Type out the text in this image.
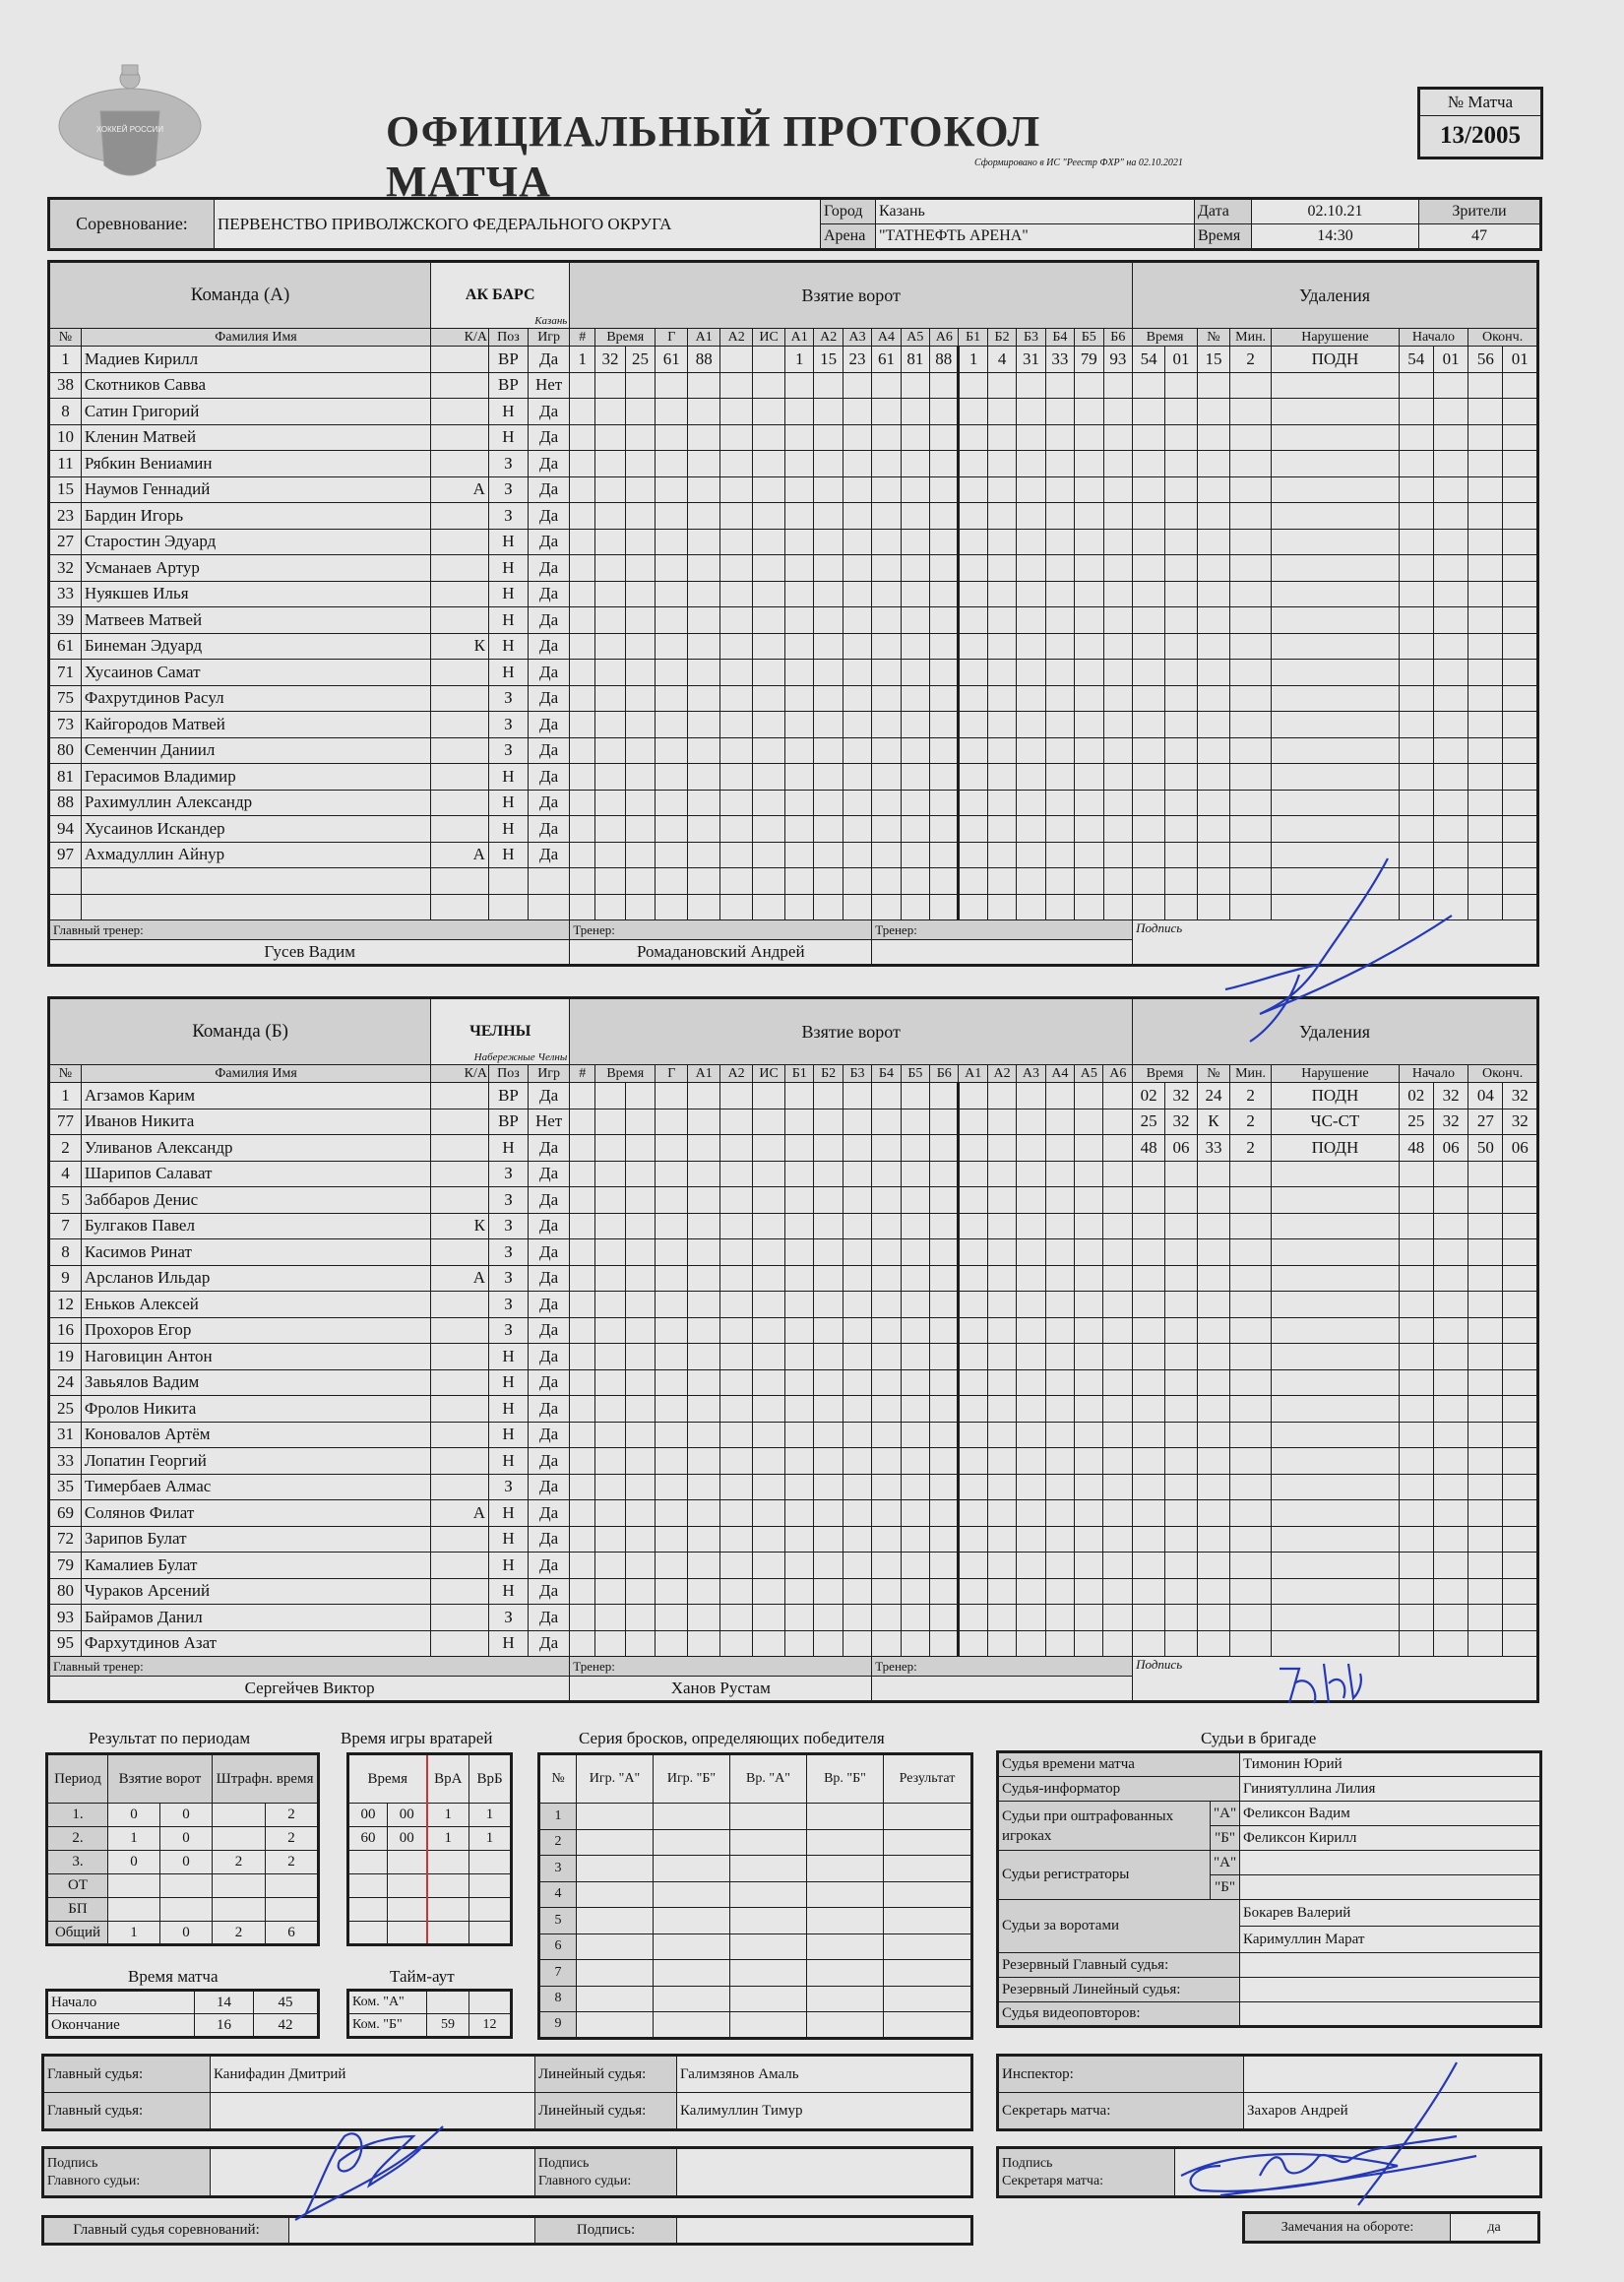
ХОККЕЙ РОССИИ	ОФИЦИАЛЬНЫЙ ПРОТОКОЛ МАТЧА	Сформировано в ИС "Реестр ФХР" на 02.10.2021
№ Матча
13/2005
Соревнование:	ПЕРВЕНСТВО ПРИВОЛЖСКОГО ФЕДЕРАЛЬНОГО ОКРУГА	Город	Казань	Дата	02.10.21	Зрители
		Арена	"ТАТНЕФТЬ АРЕНА"	Время	14:30	47
Команда (А)		АК БАРС
Казань			Взятие ворот																			Удаления								
№	Фамилия Имя	К/А	Поз	Игр	#	Время		Г	А1	А2	ИС	А1	А2	А3	А4	А5	А6	Б1	Б2	Б3	Б4	Б5	Б6	Время		№	Мин.	Нарушение	Начало		Оконч.	
1	Мадиев Кирилл		ВР	Да	1	32	25	61	88			1	15	23	61	81	88	1	4	31	33	79	93	54	01	15	2	ПОДН	54	01	56	01
38	Скотников Савва		ВР	Нет																												
8	Сатин Григорий		Н	Да																												
10	Кленин Матвей		Н	Да																												
11	Рябкин Вениамин		З	Да																												
15	Наумов Геннадий	А	З	Да																												
23	Бардин Игорь		З	Да																												
27	Старостин Эдуард		Н	Да																												
32	Усманаев Артур		Н	Да																												
33	Нуякшев Илья		Н	Да																												
39	Матвеев Матвей		Н	Да																												
61	Бинеман Эдуард	К	Н	Да																												
71	Хусаинов Самат		Н	Да																												
75	Фахрутдинов Расул		З	Да																												
73	Кайгородов Матвей		З	Да																												
80	Семенчин Даниил		З	Да																												
81	Герасимов Владимир		Н	Да																												
88	Рахимуллин Александр		Н	Да																												
94	Хусаинов Искандер		Н	Да																												
97	Ахмадуллин Айнур	А	Н	Да																												

Главный тренер:					Тренер:										Тренер:									Подпись								
Гусев Вадим					Ромадановский Андрей																											
Команда (Б)		ЧЕЛНЫ
Набережные Челны			Взятие ворот																			Удаления								
№	Фамилия Имя	К/А	Поз	Игр	#	Время		Г	А1	А2	ИС	Б1	Б2	Б3	Б4	Б5	Б6	А1	А2	А3	А4	А5	А6	Время		№	Мин.	Нарушение	Начало		Оконч.	
1	Агзамов Карим		ВР	Да																				02	32	24	2	ПОДН	02	32	04	32
77	Иванов Никита		ВР	Нет																				25	32	К	2	ЧС-СТ	25	32	27	32
2	Уливанов Александр		Н	Да																				48	06	33	2	ПОДН	48	06	50	06
4	Шарипов Салават		З	Да																												
5	Заббаров Денис		З	Да																												
7	Булгаков Павел	К	З	Да																												
8	Касимов Ринат		З	Да																												
9	Арсланов Ильдар	А	З	Да																												
12	Еньков Алексей		З	Да																												
16	Прохоров Егор		З	Да																												
19	Наговицин Антон		Н	Да																												
24	Завьялов Вадим		Н	Да																												
25	Фролов Никита		Н	Да																												
31	Коновалов Артём		Н	Да																												
33	Лопатин Георгий		Н	Да																												
35	Тимербаев Алмас		З	Да																												
69	Солянов Филат	А	Н	Да																												
72	Зарипов Булат		Н	Да																												
79	Камалиев Булат		Н	Да																												
80	Чураков Арсений		Н	Да																												
93	Байрамов Данил		З	Да																												
95	Фархутдинов Азат		Н	Да																												
Главный тренер:					Тренер:										Тренер:									Подпись								
Сергейчев Виктор					Ханов Рустам																											
Результат по периодам
Период	Взятие ворот		Штрафн. время	
1.	0	0		2
2.	1	0		2
3.	0	0	2	2
ОТ				
БП				
Общий	1	0	2	6
Время матча
Начало	14	45
Окончание	16	42
Время игры вратарей
Время		ВрА	ВрБ
00	00	1	1
60	00	1	1

Тайм-аут
Ком. "А"		
Ком. "Б"	59	12
Серия бросков, определяющих победителя
№	Игр. "А"	Игр. "Б"	Вр. "А"	Вр. "Б"	Результат
1					
2					
3					
4					
5					
6					
7					
8					
9					
Судьи в бригаде
Судья времени матча		Тимонин Юрий
Судья-информатор		Гиниятуллина Лилия
Судьи при оштрафованных игроках	"А"	Феликсон Вадим
	"Б"	Феликсон Кирилл
Судьи регистраторы	"А"	
	"Б"	
Судьи за воротами		Бокарев Валерий
		Каримуллин Марат
Резервный Главный судья:		
Резервный Линейный судья:		
Судья видеоповторов:		
Главный судья:	Канифадин Дмитрий	Линейный судья:	Галимзянов Амаль
Главный судья:		Линейный судья:	Калимуллин Тимур
Инспектор:	
Секретарь матча:	Захаров Андрей
Подпись
Главного судьи:

Подпись
Главного судьи:

Подпись
Секретаря матча:

Главный судья соревнований:		Подпись:		Замечания на обороте:	да
